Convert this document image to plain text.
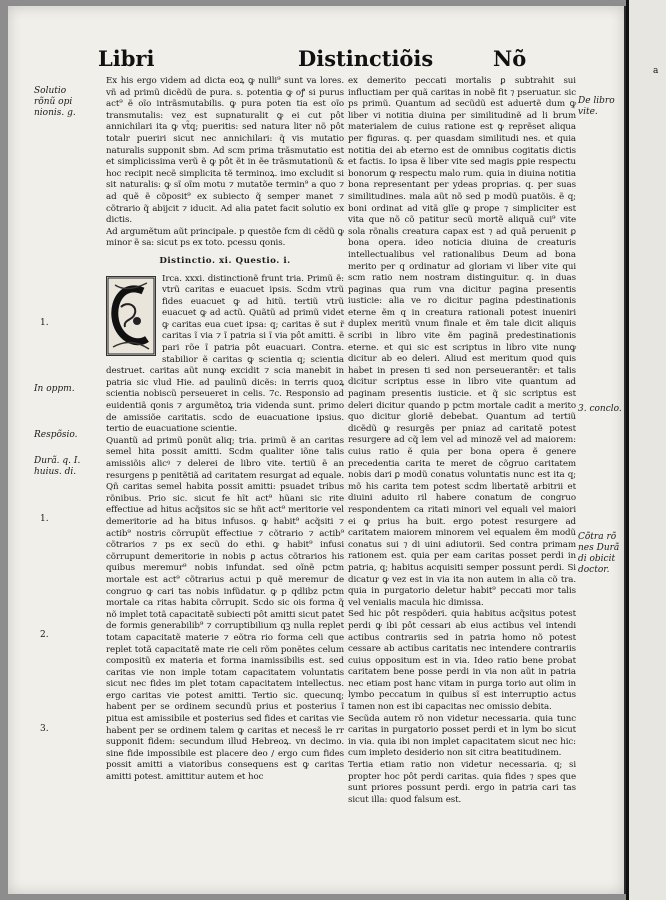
Libri	Distinctiõis	Nõ
Solutio
rõnũ opi
nionis. g.
1.
In oppm.
Respõsio.
Durã. q. I.
huius. di.
1.
2.
3.
De libro
vite.
3. conclo.
Cõtra rõ
nes Durã
di obicit
doctor.

Ex his ergo videm ad dicta eoꝝ ꝙ nulli⁹ sunt va lores. vñ ad primũ dicẽdũ de pura. s. potentia ꝙ oꝭ si purus act⁹ ẽ oĩo intrãsmutabilis. ꝙ pura poten tia est oĩo transmutalis: vez est supnaturalit ꝙ ei cut pôt annichilari ita ꝙ vt̃q; pueritis: sed natura liter nõ pôt totalr pueriri sicut nec annichilari: q̃ vis mutatio naturalis supponit sbm. Ad scm prima trãsmutatio est et simplicissima verũ ẽ ꝙ pôt ẽt in ẽe trãsmutationũ & hoc recipit necẽ simplicita tẽ terminoꝝ. imo excludit si sit naturalis: ꝙ sĩ oĩm motu ⁊ mutatõe termin⁹ a quo ⁊ ad quẽ ẽ cõposit⁹ ex subiecto q̃ semper manet ⁊ cõtrario q̃ abijcit ⁊ iducit. Ad alia patet facit solutio ex dictis.

Ad argumẽtum aũt principale. p questõe fcm di cẽdũ ꝙ minor ẽ sa: sicut ps ex toto. pcessu qonis.

Distinctio. xi. Questio. i.

Irca. xxxi. distinctionẽ frunt tria. Primũ ẽ: vtrũ caritas e euacuet ipsis. Scdm vtrũ fides euacuet ꝙ ad hitũ. tertiũ vtrũ euacuet ꝙ ad actũ. Quãtũ ad primũ videt ꝙ caritas eua cuet ipsa: q; caritas ẽ sut r̃ caritas ĩ via ⁊ ĩ patria si ĩ via pôt amitti. ẽ pari rõe ĩ patria pôt euacuari. Contra. stabilior ẽ caritas ꝙ scientia q; scientia destruet. caritas aũt nunꝙ excidit ⁊ scia manebit in patria sic vlud Hie. ad paulinũ dicẽs: in terris quoꝝ scientia nobiscũ perseueret in celis. 7c. Responsio ad euidentiã qonis ⁊ argumẽtoꝝ tria videnda sunt. primo de amissiõe caritatis. scdo de euacuatione ipsius. tertio de euacuatione scientie.

Quantũ ad primũ ponũt aliq; tria. primũ ẽ an caritas semel hita possit amitti. Scdm qualiter iõne talis amissiõis alicꝰ ⁊ delerei de libro vite. tertiũ ẽ an resurgens p penitẽtiã ad caritatem resurgat ad equale. Qñ caritas semel habita possit amitti: psuadet tribus rõnibus. Prio sic. sicut fe hĩt act⁹ hũani sic rite effectiue ad hitus acq̃sitos sic se hñt act⁹ meritorie vel demeritorie ad ha bitus infusos. ꝙ habit⁹ acq̃siti ⁊ actib⁹ nostris cõrrupũt effectiue ⁊ cõtrario ⁊ actib⁹ cõtrarios ⁊ ps ex secũ do ethi. ꝙ habit⁹ infusi cõrrupunt demeritorie in nobis ꝑ actus cõtrarios his quibus meremur⁹ nobis infundat. sed oĩnẽ pctm mortale est act⁹ cõtrarius actui p quẽ meremur de congruo ꝙ cari tas nobis infũdatur. ꝙ p qdlibz pctm mortale ca ritas habita cõrrupit. Scdo sic ois forma q̃ nõ implet totã capacitatẽ subiecti pôt amitti sicut patet de formis generabilib⁹ ⁊ corruptibilium qꝫ nulla replet totam capacitatẽ materie ⁊ eõtra rio forma celi que replet totã capacitatẽ mate rie celi rõm ponẽtes celum compositũ ex materia et forma inamissibilis est. sed caritas vie non imple totam capacitatem voluntatis sicut nec fides im plet totam capacitatem intellectus. ergo caritas vie potest amitti. Tertio sic. quecunq; habent per se ordinem secundũ prius et posterius ĩ pitua est amissibile et posterius sed fides et caritas vie habent per se ordinem talem ꝙ caritas et necess̃ le rr supponit fidem: secundum illud Hebreoꝝ. vn decimo. sine fide impossibile est placere deo / ergo cum fides possit amitti a viatoribus consequens est ꝙ caritas amitti potest. amittitur autem et hoc

ex demerito peccati mortalis ꝑ subtrahit sui influctiam per quã caritas in nobẽ fit ⁊ pseruatur. sic ps primũ. Quantum ad secũdũ est aduertẽ dum ꝙ liber vi notitia diuina per similitudinẽ ad li brum materialem de cuius ratione est ꝙ reprẽset aliqua per figuras. q. per quasdam similitudi nes. et quia notitia dei ab eterno est de omnibus cogitatis dictis et factis. Io ipsa ẽ liber vite sed magis ꝑpie respectu bonorum ꝙ respectu malo rum. quia in diuina notitia bona representant per ydeas proprias. q. per suas similitudines. mala aũt nõ sed p modũ puatõis. ẽ q; boni ordinat ad vitã glĩe ꝙ proꝑe ⁊ simpliciter est vita que nõ cõ patitur secũ mortẽ aliquã cui⁹ vite sola rõnalis creatura capax est ⁊ ad quã peruenit ꝑ bona opera. ideo noticia diuina de creaturis intellectualibus vel rationalibus Deum ad bona merito per q ordinatur ad gloriam vi liber vite qui scm ratio nem nostram distinguitur. q. in duas paginas qua rum vna dicitur pagina presentis iusticie: alia ve ro dicitur pagina pdestinationis eterne ẽm q in creatura rationali potest inueniri duplex meritũ vnum finale et ẽm tale dicit aliquis scribi in libro vite ẽm paginã predestinationis eterne. et qui sic est scriptus in libro vite nunꝙ dicitur ab eo deleri. Aliud est meritum quod quis habet in presen ti sed non perseuerantẽr: et talis dicitur scriptus esse in libro vite quantum ad paginam presentis iusticie. et q̃ sic scriptus est deleri dicitur quando p pctm mortale cadit a merito quo dicitur gloriẽ debebat. Quantum ad tertiũ dicẽdũ ꝙ resurgẽs per pniaz ad caritatẽ potest resurgere ad cq̃ lem vel ad minozẽ vel ad maiorem: cuius ratio ẽ quia per bona opera ẽ genere precedentia carita te meret de cõgruo caritatem nobis dari ꝑ modũ conatus voluntatis nunc est ita q; mõ his carita tem potest scdm libertatẽ arbitrii et diuini aduito ril habere conatum de congruo respondentem ca ritati minori vel equali vel maiori ei ꝙ prius ha buit. ergo potest resurgere ad caritatem maiorem minorem vel equalem ẽm modũ conatus sui ⁊ di uini adiutorii. Sed contra primam rationem est. quia per eam caritas posset perdi in patria, q; habitus acquisiti semper possunt perdi. Si dicatur ꝙ vez est in via ita non autem in alia cõ tra. quia in purgatorio deletur habit⁹ peccati mor talis vel venialis macula hic dimissa.

Sed hic pôt respõderi. quia habitus acq̃situs potest perdi ꝙ ibi pôt cessari ab eius actibus vel intendi actibus contrariis sed in patria homo nõ potest cessare ab actibus caritatis nec intendere contrariis cuius oppositum est in via. Ideo ratio bene probat caritatem bene posse perdi in via non aũt in patria nec etiam post hanc vitam in purga torio aut olim in lymbo peccatum in quibus sĩ est interruptio actus tamen non est ibi capacitas nec omissio debita.

Secũda autem rõ non videtur necessaria. quia tunc caritas in purgatorio posset perdi et in lym bo sicut in via. quia ibi non implet capacitatem sicut nec hic: cum impleto desiderio non sit citra beatitudinem.

Tertia etiam ratio non videtur necessaria. q; si propter hoc pôt perdi caritas. quia fides ⁊ spes que sunt priores possunt perdi. ergo in patria cari tas sicut illa: quod falsum est.

a
